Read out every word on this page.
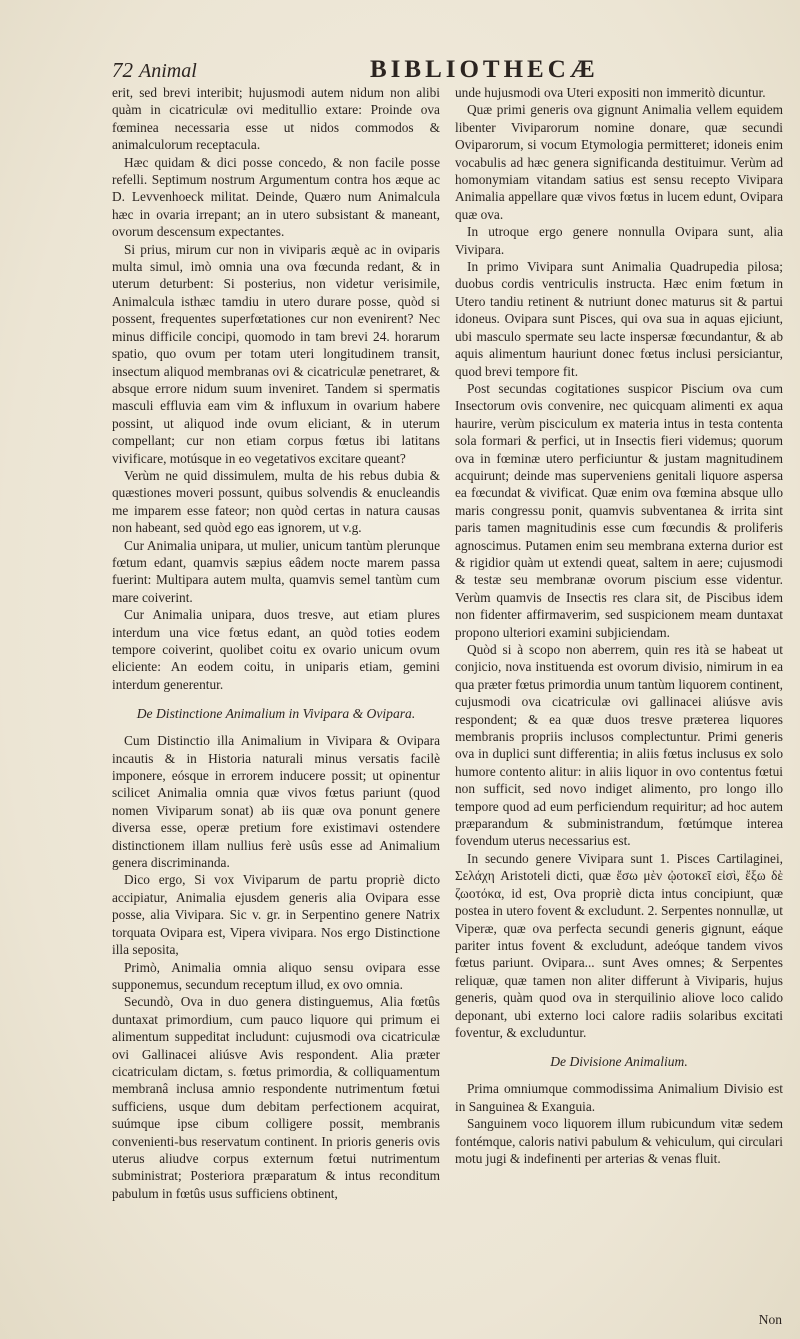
72 Animal	BIBLIOTHECÆ

erit, sed brevi interibit; hujusmodi autem nidum non alibi quàm in cicatriculæ ovi meditullio extare: Proinde ova fœminea necessaria esse ut nidos commodos & animalculorum receptacula.

Hæc quidam & dici posse concedo, & non facile posse refelli. Septimum nostrum Argumentum contra hos æque ac D. Levvenhoeck militat. Deinde, Quæro num Animalcula hæc in ovaria irrepant; an in utero subsistant & maneant, ovorum descensum expectantes.

Si prius, mirum cur non in viviparis æquè ac in oviparis multa simul, imò omnia una ova fœcunda redant, & in uterum deturbent: Si posterius, non videtur verisimile, Animalcula isthæc tamdiu in utero durare posse, quòd si possent, frequentes superfœtationes cur non evenirent? Nec minus difficile concipi, quomodo in tam brevi 24. horarum spatio, quo ovum per totam uteri longitudinem transit, insectum aliquod membranas ovi & cicatriculæ penetraret, & absque errore nidum suum inveniret. Tandem si spermatis masculi effluvia eam vim & influxum in ovarium habere possint, ut aliquod inde ovum eliciant, & in uterum compellant; cur non etiam corpus fœtus ibi latitans vivificare, motúsque in eo vegetativos excitare queant?

Verùm ne quid dissimulem, multa de his rebus dubia & quæstiones moveri possunt, quibus solvendis & enucleandis me imparem esse fateor; non quòd certas in natura causas non habeant, sed quòd ego eas ignorem, ut v.g.

Cur Animalia unipara, ut mulier, unicum tantùm plerunque fœtum edant, quamvis sæpius eâdem nocte marem passa fuerint: Multipara autem multa, quamvis semel tantùm cum mare coiverint.

Cur Animalia unipara, duos tresve, aut etiam plures interdum una vice fœtus edant, an quòd toties eodem tempore coiverint, quolibet coitu ex ovario unicum ovum eliciente: An eodem coitu, in uniparis etiam, gemini interdum generentur.

De Distinctione Animalium in Vivipara & Ovipara.

Cum Distinctio illa Animalium in Vivipara & Ovipara incautis & in Historia naturali minus versatis facilè imponere, eósque in errorem inducere possit; ut opinentur scilicet Animalia omnia quæ vivos fœtus pariunt (quod nomen Viviparum sonat) ab iis quæ ova ponunt genere diversa esse, operæ pretium fore existimavi ostendere distinctionem illam nullius ferè usûs esse ad Animalium genera discriminanda.

Dico ergo, Si vox Viviparum de partu propriè dicto accipiatur, Animalia ejusdem generis alia Ovipara esse posse, alia Vivipara. Sic v. gr. in Serpentino genere Natrix torquata Ovipara est, Vipera vivipara. Nos ergo Distinctione illa seposita,

Primò, Animalia omnia aliquo sensu ovipara esse supponemus, secundum receptum illud, ex ovo omnia.

Secundò, Ova in duo genera distinguemus, Alia fœtûs duntaxat primordium, cum pauco liquore qui primum ei alimentum suppeditat includunt: cujusmodi ova cicatriculæ ovi Gallinacei aliúsve Avis respondent. Alia præter cicatriculam dictam, s. fœtus primordia, & colliquamentum membranâ inclusa amnio respondente nutrimentum fœtui sufficiens, usque dum debitam perfectionem acquirat, suúmque ipse cibum colligere possit, membranis convenienti-bus reservatum continent. In prioris generis ovis uterus aliudve corpus externum fœtui nutrimentum subministrat; Posteriora præparatum & intus reconditum pabulum in fœtûs usus sufficiens obtinent,

unde hujusmodi ova Uteri expositi non immeritò dicuntur.

Quæ primi generis ova gignunt Animalia vellem equidem libenter Viviparorum nomine donare, quæ secundi Oviparorum, si vocum Etymologia permitteret; idoneis enim vocabulis ad hæc genera significanda destituimur. Verùm ad homonymiam vitandam satius est sensu recepto Vivipara Animalia appellare quæ vivos fœtus in lucem edunt, Ovipara quæ ova.

In utroque ergo genere nonnulla Ovipara sunt, alia Vivipara.

In primo Vivipara sunt Animalia Quadrupedia pilosa; duobus cordis ventriculis instructa. Hæc enim fœtum in Utero tandiu retinent & nutriunt donec maturus sit & partui idoneus. Ovipara sunt Pisces, qui ova sua in aquas ejiciunt, ubi masculo spermate seu lacte inspersæ fœcundantur, & ab aquis alimentum hauriunt donec fœtus inclusi persiciantur, quod brevi tempore fit.

Post secundas cogitationes suspicor Piscium ova cum Insectorum ovis convenire, nec quicquam alimenti ex aqua haurire, verùm pisciculum ex materia intus in testa contenta sola formari & perfici, ut in Insectis fieri videmus; quorum ova in fœminæ utero perficiuntur & justam magnitudinem acquirunt; deinde mas superveniens genitali liquore aspersa ea fœcundat & vivificat. Quæ enim ova fœmina absque ullo maris congressu ponit, quamvis subventanea & irrita sint paris tamen magnitudinis esse cum fœcundis & proliferis agnoscimus. Putamen enim seu membrana externa durior est & rigidior quàm ut extendi queat, saltem in aere; cujusmodi & testæ seu membranæ ovorum piscium esse videntur. Verùm quamvis de Insectis res clara sit, de Piscibus idem non fidenter affirmaverim, sed suspicionem meam duntaxat propono ulteriori examini subjiciendam.

Quòd si à scopo non aberrem, quin res ità se habeat ut conjicio, nova instituenda est ovorum divisio, nimirum in ea qua præter fœtus primordia unum tantùm liquorem continent, cujusmodi ova cicatriculæ ovi gallinacei aliúsve avis respondent; & ea quæ duos tresve præterea liquores membranis propriis inclusos complectuntur. Primi generis ova in duplici sunt differentia; in aliis fœtus inclusus ex solo humore contento alitur: in aliis liquor in ovo contentus fœtui non sufficit, sed novo indiget alimento, pro longo illo tempore quod ad eum perficiendum requiritur; ad hoc autem præparandum & subministrandum, fœtúmque interea fovendum uterus necessarius est.

In secundo genere Vivipara sunt 1. Pisces Cartilaginei, Σελάχη Aristoteli dicti, quæ ἔσω μὲν ᾠοτοκεῖ εἰσὶ, ἔξω δὲ ζωοτόκα, id est, Ova propriè dicta intus concipiunt, quæ postea in utero fovent & excludunt. 2. Serpentes nonnullæ, ut Viperæ, quæ ova perfecta secundi generis gignunt, eáque pariter intus fovent & excludunt, adeóque tandem vivos fœtus pariunt. Ovipara... sunt Aves omnes; & Serpentes reliquæ, quæ tamen non aliter differunt à Viviparis, hujus generis, quàm quod ova in sterquilinio aliove loco calido deponant, ubi externo loci calore radiis solaribus excitati foventur, & excluduntur.

De Divisione Animalium.

Prima omniumque commodissima Animalium Divisio est in Sanguinea & Exanguia.

Sanguinem voco liquorem illum rubicundum vitæ sedem fontémque, caloris nativi pabulum & vehiculum, qui circulari motu jugi & indefinenti per arterias & venas fluit.

Non
